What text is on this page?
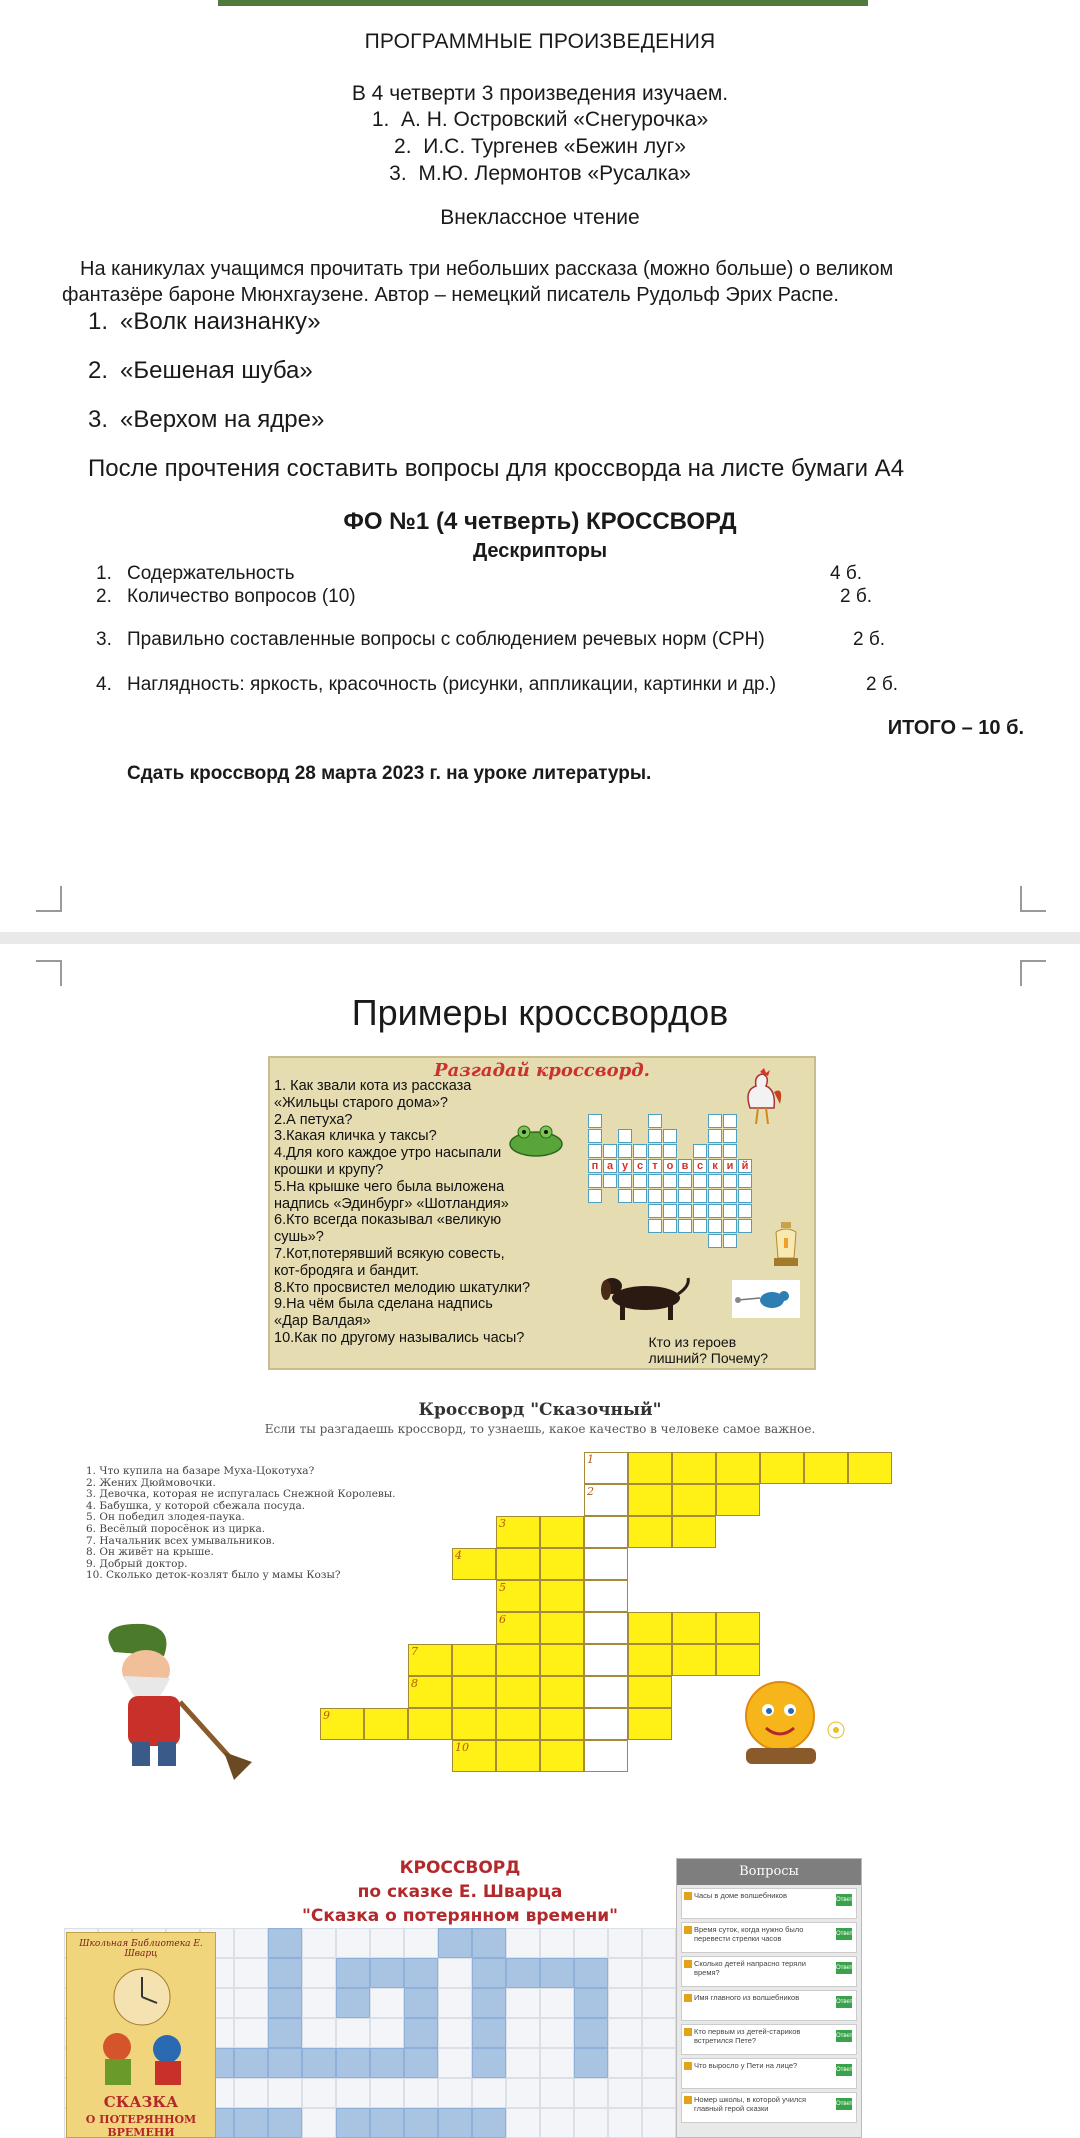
ПРОГРАММНЫЕ ПРОИЗВЕДЕНИЯ
В 4 четверти 3 произведения изучаем.
1. А. Н. Островский «Снегурочка»
2. И.С. Тургенев «Бежин луг»
3. М.Ю. Лермонтов «Русалка»
Внеклассное чтение
На каникулах учащимся прочитать три небольших рассказа (можно больше) о великом
фантазёре бароне Мюнхгаузене. Автор – немецкий писатель Рудольф Эрих Распе.
1. «Волк наизнанку»
2. «Бешеная шуба»
3. «Верхом на ядре»
После прочтения составить вопросы для кроссворда на листе бумаги А4
ФО №1 (4 четверть) КРОССВОРД
Дескрипторы
1. Содержательность	4 б.
2. Количество вопросов (10)	2 б.
3. Правильно составленные вопросы с соблюдением речевых норм (СРН)	2 б.
4. Наглядность: яркость, красочность (рисунки, аппликации, картинки и др.)	2 б.
ИТОГО – 10 б.
Сдать кроссворд 28 марта 2023 г. на уроке литературы.
Примеры кроссвордов
Разгадай кроссворд.
1. Как звали кота из рассказа
«Жильцы старого дома»?
2.А петуха?
3.Какая кличка у таксы?
4.Для кого каждое утро насыпали
крошки и крупу?
5.На крышке чего была выложена
надпись «Эдинбург» «Шотландия»
6.Кто всегда показывал «великую
сушь»?
7.Кот,потерявший всякую совесть,
кот-бродяга и бандит.
8.Кто просвистел мелодию шкатулки?
9.На чём была сделана надпись
«Дар Валдая»
10.Как по другому назывались часы?
п а у с т о в с к и й
Кто из героев
лишний? Почему?
Кроссворд "Сказочный"
Если ты разгадаешь кроссворд, то узнаешь, какое качество в человеке самое важное.
1. Что купила на базаре Муха-Цокотуха?
2. Жених Дюймовочки.
3. Девочка, которая не испугалась Снежной Королевы.
4. Бабушка, у которой сбежала посуда.
5. Он победил злодея-паука.
6. Весёлый поросёнок из цирка.
7. Начальник всех умывальников.
8. Он живёт на крыше.
9. Добрый доктор.
10. Сколько деток-козлят было у мамы Козы?
1
2
3
4
5
6
7
8
9
10
КРОССВОРД
по сказке Е. Шварца
"Сказка о потерянном времени"
Школьная Библиотека Е. Шварц
СКАЗКА
О ПОТЕРЯННОМ ВРЕМЕНИ
Вопросы
Часы в доме волшебников	Ответ
Время суток, когда нужно было перевести стрелки часов	Ответ
Сколько детей напрасно теряли время?	Ответ
Имя главного из волшебников	Ответ
Кто первым из детей-стариков встретился Пете?	Ответ
Что выросло у Пети на лице?	Ответ
Номер школы, в которой учился главный герой сказки	Ответ
